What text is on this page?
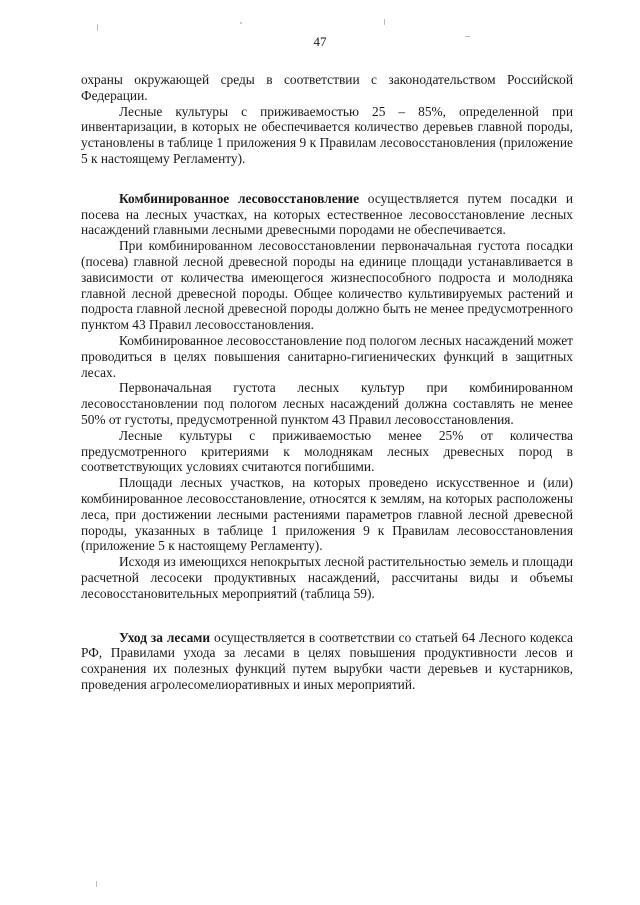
47

охраны окружающей среды в соответствии с законодательством Российской Федерации.

Лесные культуры с приживаемостью 25 – 85%, определенной при инвентаризации, в которых не обеспечивается количество деревьев главной породы, установлены в таблице 1 приложения 9 к Правилам лесовосстановления (приложение 5 к настоящему Регламенту).

Комбинированное лесовосстановление осуществляется путем посадки и посева на лесных участках, на которых естественное лесовосстановление лесных насаждений главными лесными древесными породами не обеспечивается.

При комбинированном лесовосстановлении первоначальная густота посадки (посева) главной лесной древесной породы на единице площади устанавливается в зависимости от количества имеющегося жизнеспособного подроста и молодняка главной лесной древесной породы. Общее количество культивируемых растений и подроста главной лесной древесной породы должно быть не менее предусмотренного пунктом 43 Правил лесовосстановления.

Комбинированное лесовосстановление под пологом лесных насаждений может проводиться в целях повышения санитарно-гигиенических функций в защитных лесах.

Первоначальная густота лесных культур при комбинированном лесовосстановлении под пологом лесных насаждений должна составлять не менее 50% от густоты, предусмотренной пунктом 43 Правил лесовосстановления.

Лесные культуры с приживаемостью менее 25% от количества предусмотренного критериями к молоднякам лесных древесных пород в соответствующих условиях считаются погибшими.

Площади лесных участков, на которых проведено искусственное и (или) комбинированное лесовосстановление, относятся к землям, на которых расположены леса, при достижении лесными растениями параметров главной лесной древесной породы, указанных в таблице 1 приложения 9 к Правилам лесовосстановления (приложение 5 к настоящему Регламенту).

Исходя из имеющихся непокрытых лесной растительностью земель и площади расчетной лесосеки продуктивных насаждений, рассчитаны виды и объемы лесовосстановительных мероприятий (таблица 59).

Уход за лесами осуществляется в соответствии со статьей 64 Лесного кодекса РФ, Правилами ухода за лесами в целях повышения продуктивности лесов и сохранения их полезных функций путем вырубки части деревьев и кустарников, проведения агролесомелиоративных и иных мероприятий.
